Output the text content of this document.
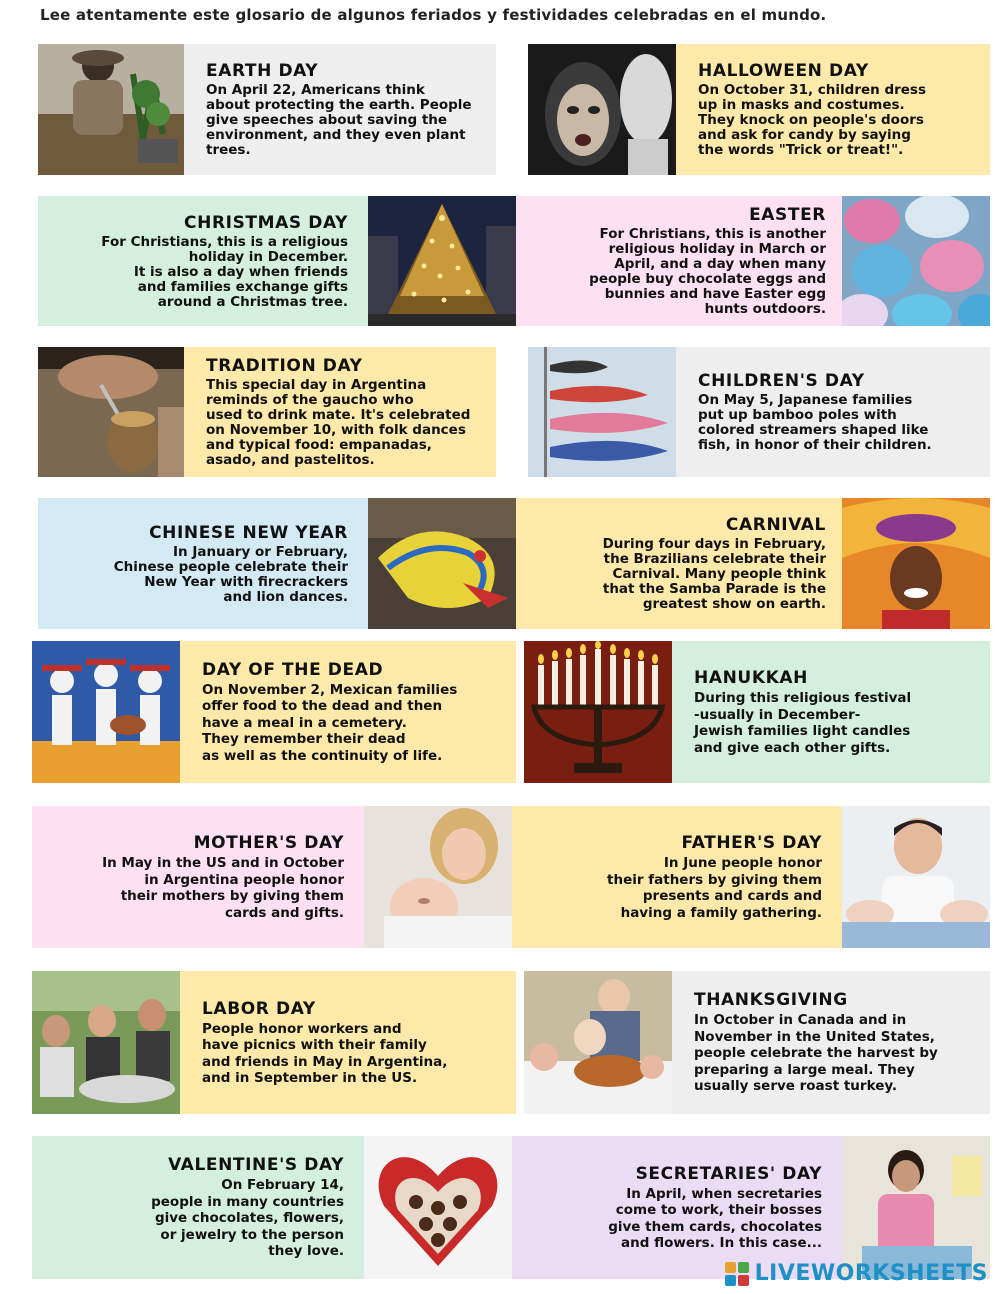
Lee atentamente este glosario de algunos feriados y festividades celebradas en el mundo.
EARTH DAY
On April 22, Americans think
about protecting the earth. People
give speeches about saving the
environment, and they even plant
trees.
HALLOWEEN DAY
On October 31, children dress
up in masks and costumes.
They knock on people's doors
and ask for candy by saying
the words "Trick or treat!".
CHRISTMAS DAY
For Christians, this is a religious
holiday in December.
It is also a day when friends
and families exchange gifts
around a Christmas tree.
EASTER
For Christians, this is another
religious holiday in March or
April, and a day when many
people buy chocolate eggs and
bunnies and have Easter egg
hunts outdoors.
TRADITION DAY
This special day in Argentina
reminds of the gaucho who
used to drink mate. It's celebrated
on November 10, with folk dances
and typical food: empanadas,
asado, and pastelitos.
CHILDREN'S DAY
On May 5, Japanese families
put up bamboo poles with
colored streamers shaped like
fish, in honor of their children.
CHINESE NEW YEAR
In January or February,
Chinese people celebrate their
New Year with firecrackers
and lion dances.
CARNIVAL
During four days in February,
the Brazilians celebrate their
Carnival. Many people think
that the Samba Parade is the
greatest show on earth.
DAY OF THE DEAD
On November 2, Mexican families
offer food to the dead and then
have a meal in a cemetery.
They remember their dead
as well as the continuity of life.
HANUKKAH
During this religious festival
-usually in December-
Jewish families light candles
and give each other gifts.
MOTHER'S DAY
In May in the US and in October
in Argentina people honor
their mothers by giving them
cards and gifts.
FATHER'S DAY
In June people honor
their fathers by giving them
presents and cards and
having a family gathering.
LABOR DAY
People honor workers and
have picnics with their family
and friends in May in Argentina,
and in September in the US.
THANKSGIVING
In October in Canada and in
November in the United States,
people celebrate the harvest by
preparing a large meal. They
usually serve roast turkey.
VALENTINE'S DAY
On February 14,
people in many countries
give chocolates, flowers,
or jewelry to the person
they love.
SECRETARIES' DAY
In April, when secretaries
come to work, their bosses
give them cards, chocolates
and flowers. In this case...
LIVEWORKSHEETS
